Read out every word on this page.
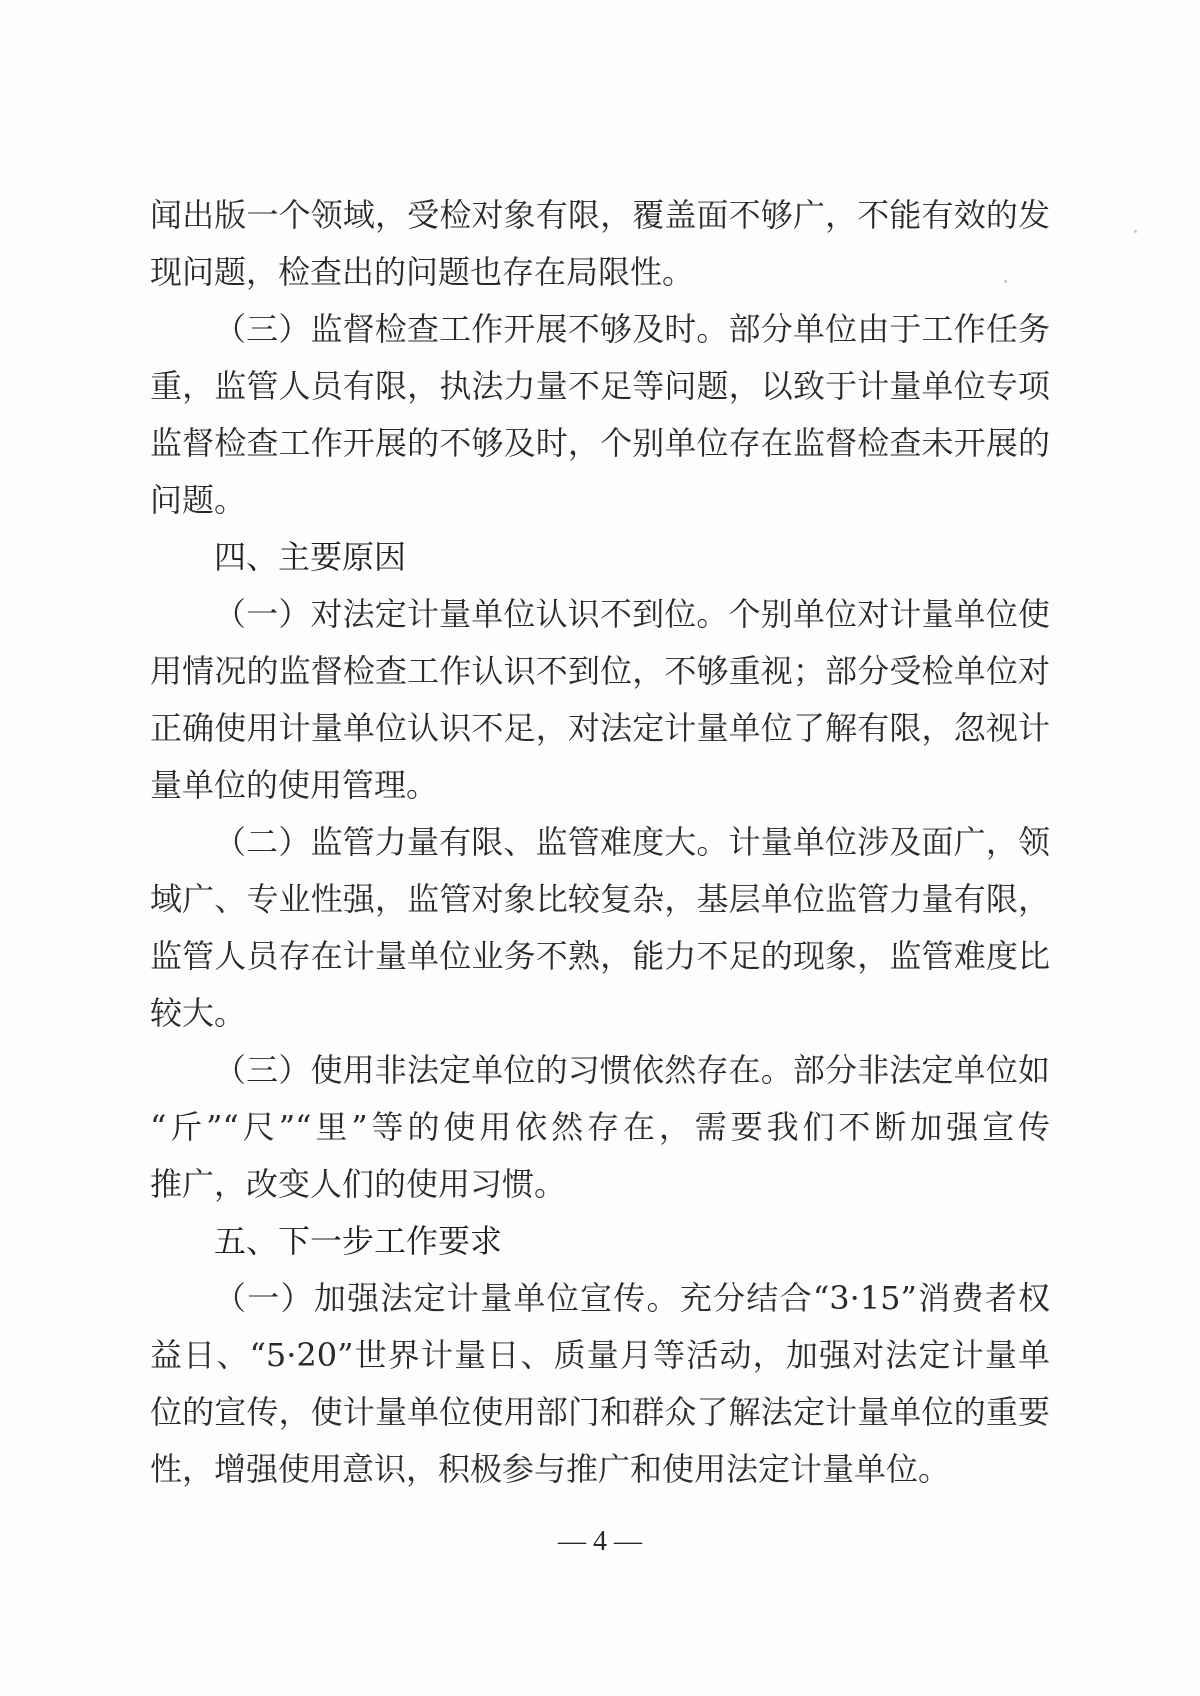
闻出版一个领域，受检对象有限，覆盖面不够广，不能有效的发
现问题，检查出的问题也存在局限性。
（三）监督检查工作开展不够及时。部分单位由于工作任务
重，监管人员有限，执法力量不足等问题，以致于计量单位专项
监督检查工作开展的不够及时，个别单位存在监督检查未开展的
问题。
四、主要原因
（一）对法定计量单位认识不到位。个别单位对计量单位使
用情况的监督检查工作认识不到位，不够重视；部分受检单位对
正确使用计量单位认识不足，对法定计量单位了解有限，忽视计
量单位的使用管理。
（二）监管力量有限、监管难度大。计量单位涉及面广，领
域广、专业性强，监管对象比较复杂，基层单位监管力量有限，
监管人员存在计量单位业务不熟，能力不足的现象，监管难度比
较大。
（三）使用非法定单位的习惯依然存在。部分非法定单位如
“斤”“尺”“里”等的使用依然存在，需要我们不断加强宣传
推广，改变人们的使用习惯。
五、下一步工作要求
（一）加强法定计量单位宣传。充分结合“3·15”消费者权
益日、“5·20”世界计量日、质量月等活动，加强对法定计量单
位的宣传，使计量单位使用部门和群众了解法定计量单位的重要
性，增强使用意识，积极参与推广和使用法定计量单位。
— 4 —
